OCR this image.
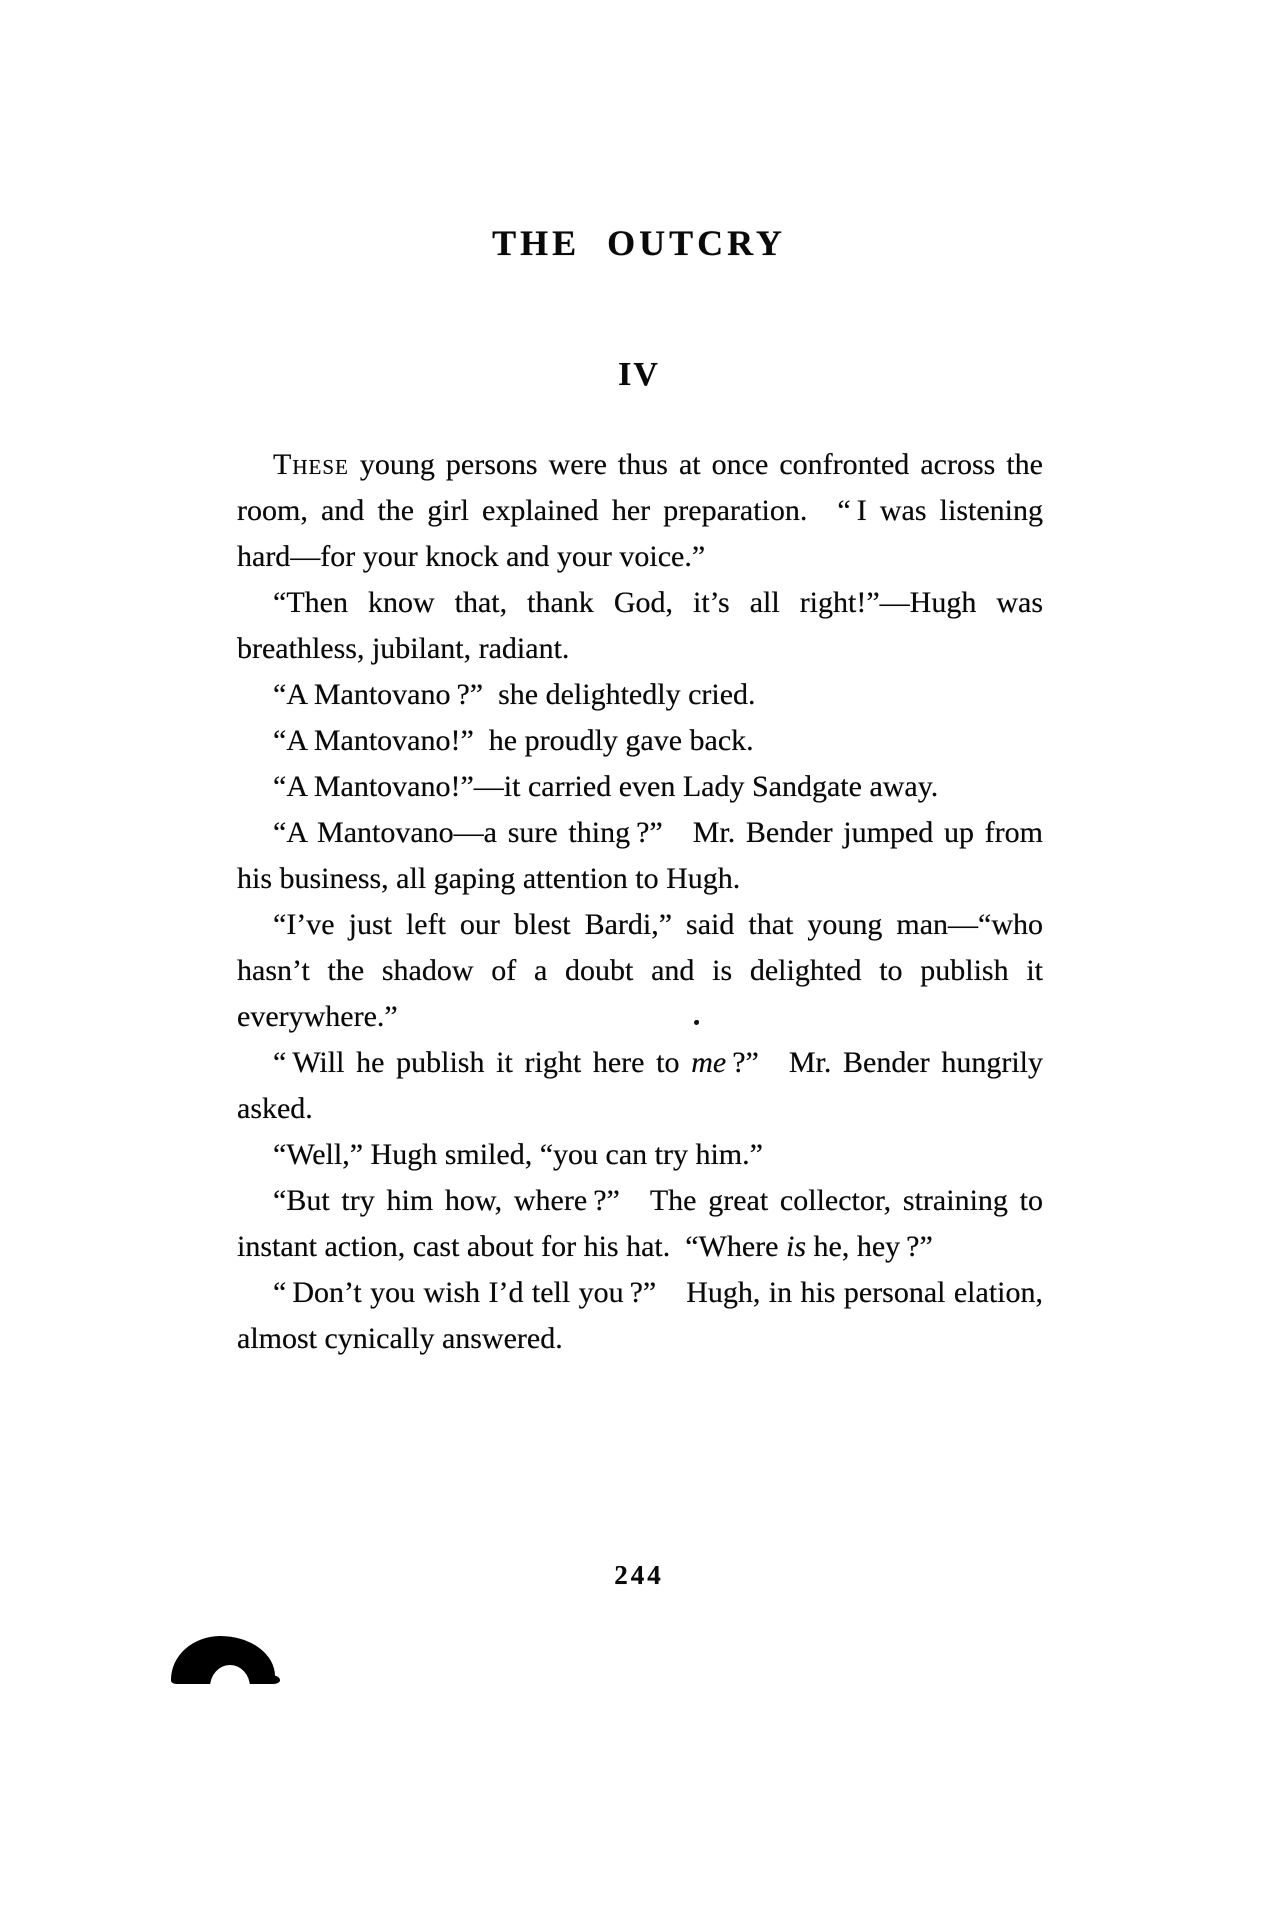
THE OUTCRY
IV

These young persons were thus at once confronted across the room, and the girl explained her preparation. “ I was listening hard—for your knock and your voice.”

“Then know that, thank God, it’s all right!”—Hugh was breathless, jubilant, radiant.

“A Mantovano ?” she delightedly cried.

“A Mantovano!” he proudly gave back.

“A Mantovano!”—it carried even Lady Sandgate away.

“A Mantovano—a sure thing ?” Mr. Bender jumped up from his business, all gaping attention to Hugh.

“I’ve just left our blest Bardi,” said that young man—“who hasn’t the shadow of a doubt and is delighted to publish it everywhere.”

“ Will he publish it right here to me ?” Mr. Bender hungrily asked.

“Well,” Hugh smiled, “you can try him.”

“But try him how, where ?” The great collector, straining to instant action, cast about for his hat. “Where is he, hey ?”

“ Don’t you wish I’d tell you ?” Hugh, in his personal elation, almost cynically answered.

244
